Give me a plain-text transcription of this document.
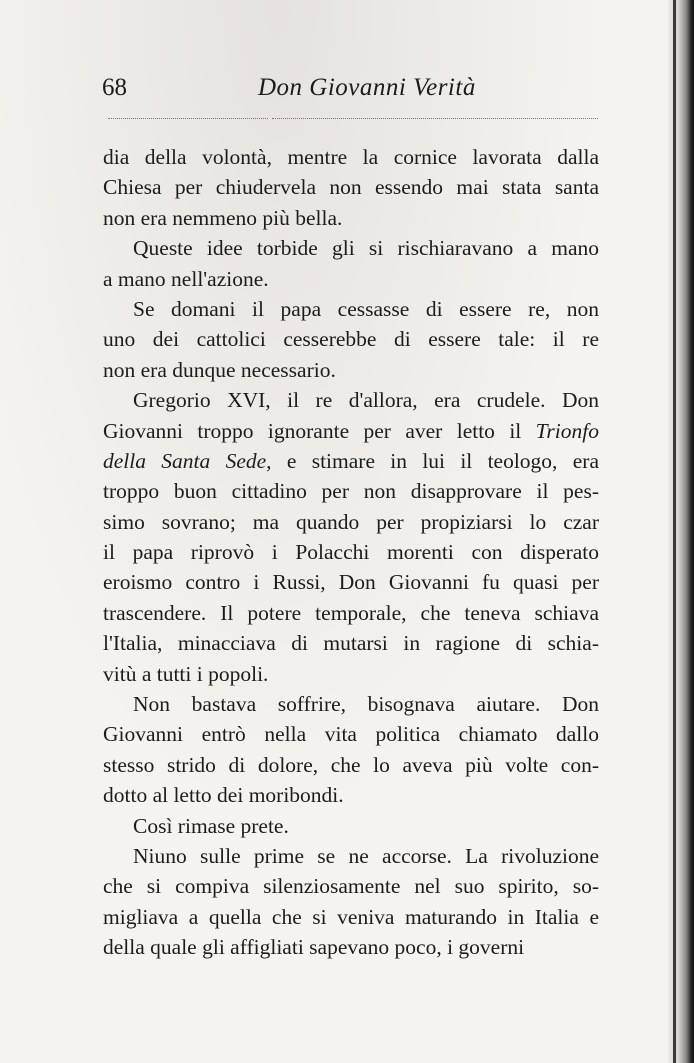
68	Don Giovanni Verità
dia della volontà, mentre la cornice lavorata dalla
Chiesa per chiudervela non essendo mai stata santa
non era nemmeno più bella.
Queste idee torbide gli si rischiaravano a mano
a mano nell'azione.
Se domani il papa cessasse di essere re, non
uno dei cattolici cesserebbe di essere tale: il re
non era dunque necessario.
Gregorio XVI, il re d'allora, era crudele. Don
Giovanni troppo ignorante per aver letto il Trionfo
della Santa Sede, e stimare in lui il teologo, era
troppo buon cittadino per non disapprovare il pes-
simo sovrano; ma quando per propiziarsi lo czar
il papa riprovò i Polacchi morenti con disperato
eroismo contro i Russi, Don Giovanni fu quasi per
trascendere. Il potere temporale, che teneva schiava
l'Italia, minacciava di mutarsi in ragione di schia-
vitù a tutti i popoli.
Non bastava soffrire, bisognava aiutare. Don
Giovanni entrò nella vita politica chiamato dallo
stesso strido di dolore, che lo aveva più volte con-
dotto al letto dei moribondi.
Così rimase prete.
Niuno sulle prime se ne accorse. La rivoluzione
che si compiva silenziosamente nel suo spirito, so-
migliava a quella che si veniva maturando in Italia e
della quale gli affigliati sapevano poco, i governi
